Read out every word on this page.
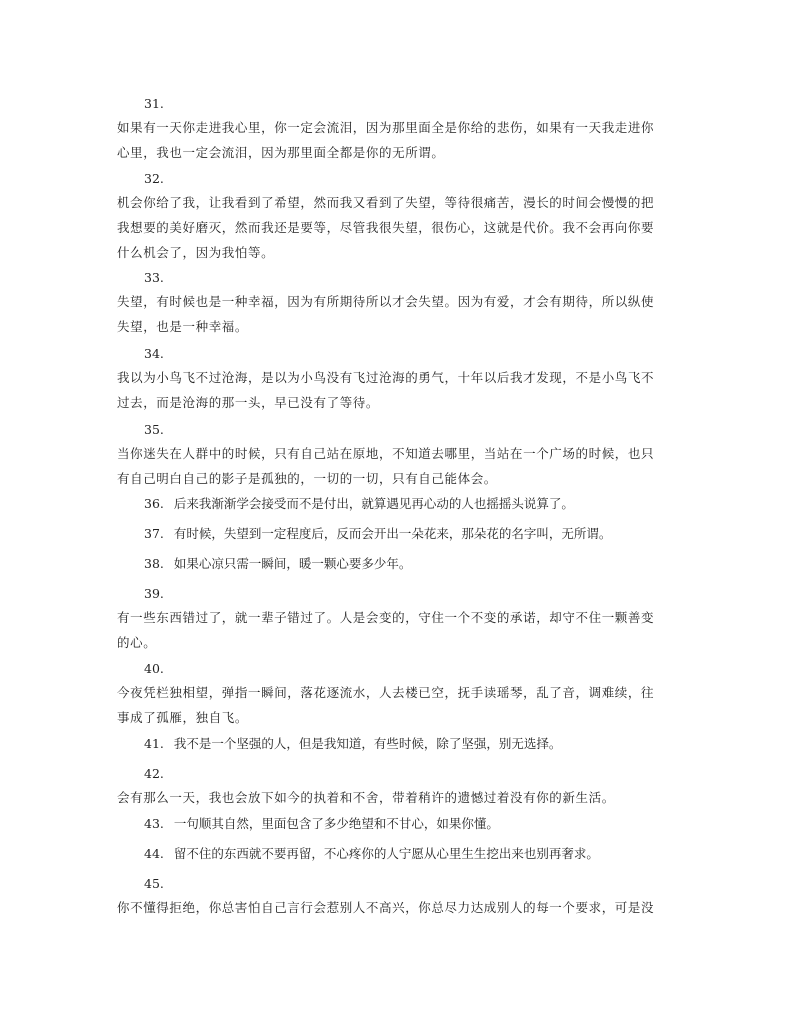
31.
如果有一天你走进我心里，你一定会流泪，因为那里面全是你给的悲伤，如果有一天我走进你
心里，我也一定会流泪，因为那里面全都是你的无所谓。
32.
机会你给了我，让我看到了希望，然而我又看到了失望，等待很痛苦，漫长的时间会慢慢的把
我想要的美好磨灭，然而我还是要等，尽管我很失望，很伤心，这就是代价。我不会再向你要
什么机会了，因为我怕等。
33.
失望，有时候也是一种幸福，因为有所期待所以才会失望。因为有爱，才会有期待，所以纵使
失望，也是一种幸福。
34.
我以为小鸟飞不过沧海，是以为小鸟没有飞过沧海的勇气，十年以后我才发现，不是小鸟飞不
过去，而是沧海的那一头，早已没有了等待。
35.
当你迷失在人群中的时候，只有自己站在原地，不知道去哪里，当站在一个广场的时候，也只
有自己明白自己的影子是孤独的，一切的一切，只有自己能体会。
36. 后来我渐渐学会接受而不是付出，就算遇见再心动的人也摇摇头说算了。
37. 有时候，失望到一定程度后，反而会开出一朵花来，那朵花的名字叫，无所谓。
38. 如果心凉只需一瞬间，暖一颗心要多少年。
39.
有一些东西错过了，就一辈子错过了。人是会变的，守住一个不变的承诺，却守不住一颗善变
的心。
40.
今夜凭栏独相望，弹指一瞬间，落花逐流水，人去楼已空，抚手读瑶琴，乱了音，调难续，往
事成了孤雁，独自飞。
41. 我不是一个坚强的人，但是我知道，有些时候，除了坚强，别无选择。
42.
会有那么一天，我也会放下如今的执着和不舍，带着稍许的遗憾过着没有你的新生活。
43. 一句顺其自然，里面包含了多少绝望和不甘心，如果你懂。
44. 留不住的东西就不要再留，不心疼你的人宁愿从心里生生挖出来也别再奢求。
45.
你不懂得拒绝，你总害怕自己言行会惹别人不高兴，你总尽力达成别人的每一个要求，可是没
